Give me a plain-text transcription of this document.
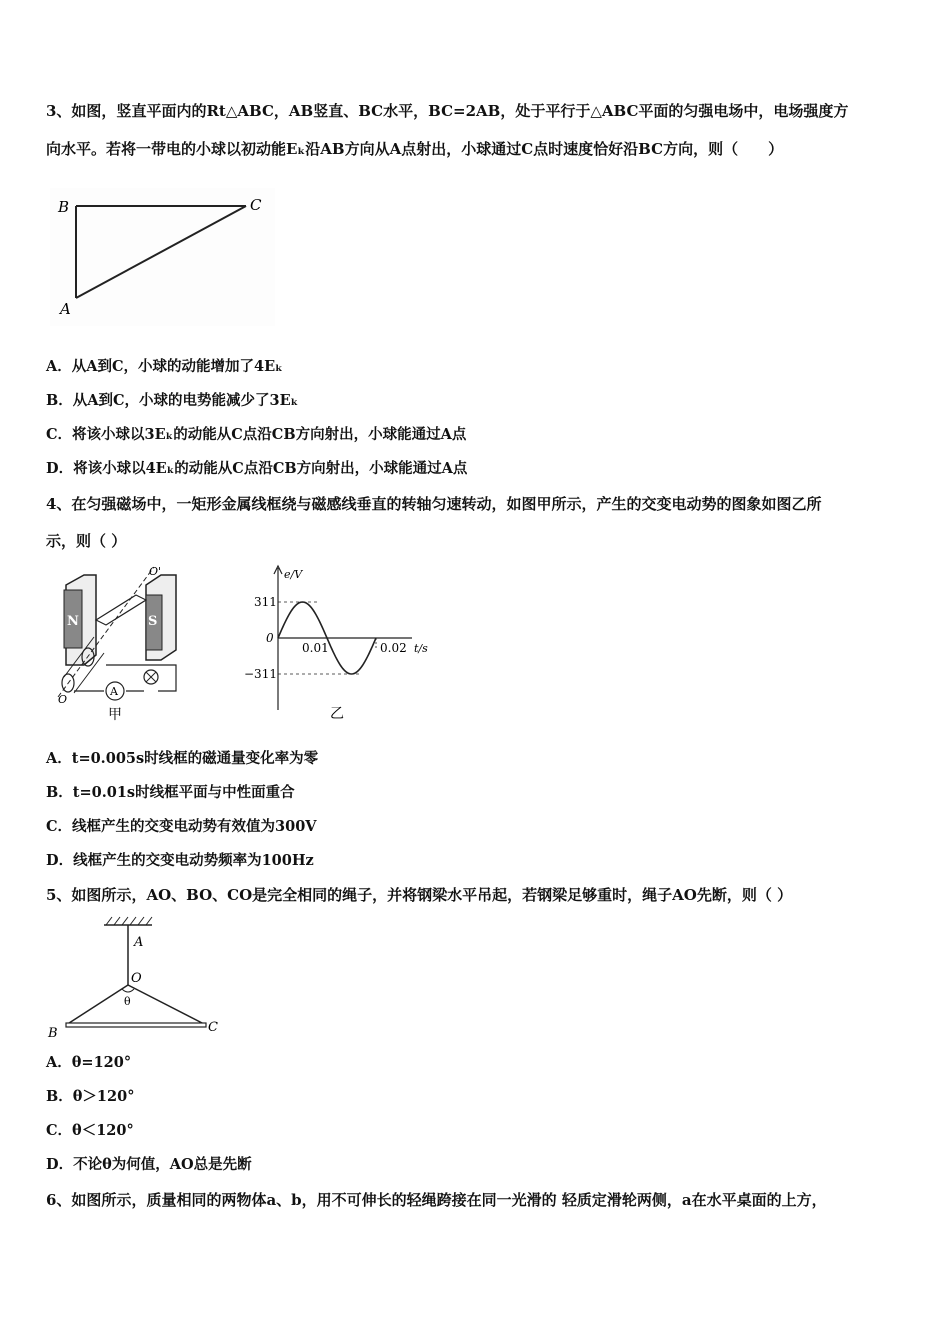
3、如图，竖直平面内的Rt△ABC，AB竖直、BC水平，BC=2AB，处于平行于△ABC平面的匀强电场中，电场强度方
向水平。若将一带电的小球以初动能Eₖ沿AB方向从A点射出，小球通过C点时速度恰好沿BC方向，则（　　）
B	C
A
A．从A到C，小球的动能增加了4Eₖ
B．从A到C，小球的电势能减少了3Eₖ
C．将该小球以3Eₖ的动能从C点沿CB方向射出，小球能通过A点
D．将该小球以4Eₖ的动能从C点沿CB方向射出，小球能通过A点
4、在匀强磁场中，一矩形金属线框绕与磁感线垂直的转轴匀速转动，如图甲所示，产生的交变电动势的图象如图乙所
示，则（ ）
N	S
A
O'
O
甲
e/V
t/s
311
0
−311
0.01	0.02
乙
A．t=0.005s时线框的磁通量变化率为零
B．t=0.01s时线框平面与中性面重合
C．线框产生的交变电动势有效值为300V
D．线框产生的交变电动势频率为100Hz
5、如图所示，AO、BO、CO是完全相同的绳子，并将钢梁水平吊起，若钢梁足够重时，绳子AO先断，则（ ）
A
O
θ
B	C
A．θ=120°
B．θ＞120°
C．θ＜120°
D．不论θ为何值，AO总是先断
6、如图所示，质量相同的两物体a、b，用不可伸长的轻绳跨接在同一光滑的 轻质定滑轮两侧，a在水平桌面的上方，
